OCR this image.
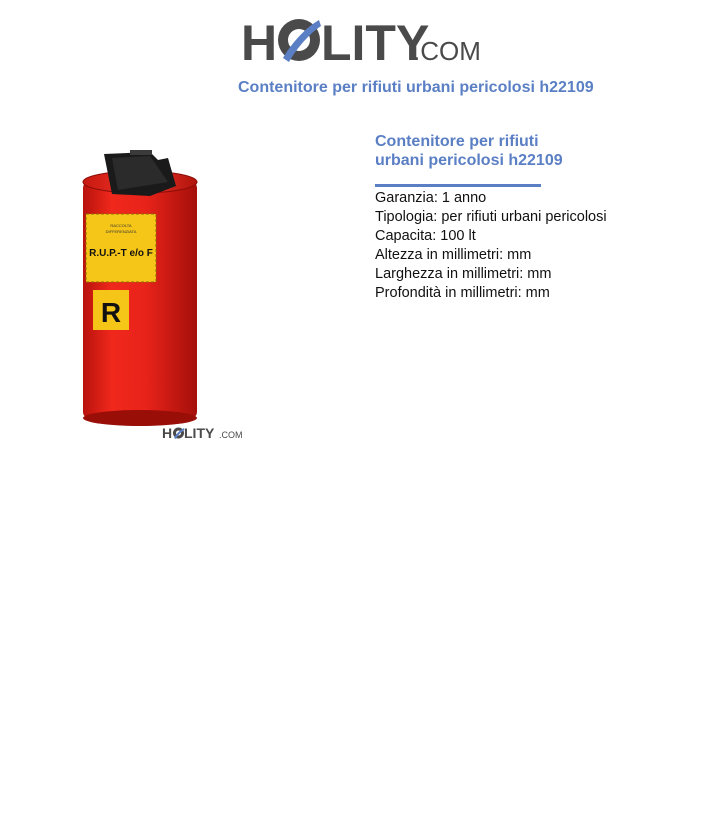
H LITY
.COM
Contenitore per rifiuti urbani pericolosi h22109
RACCOLTA
DIFFERENZIATA
R.U.P.-T e/o F
R
H LITY .COM
Contenitore per rifiuti urbani pericolosi h22109
Garanzia: 1 anno
Tipologia: per rifiuti urbani pericolosi
Capacita: 100 lt
Altezza in millimetri: mm
Larghezza in millimetri: mm
Profondità in millimetri: mm
